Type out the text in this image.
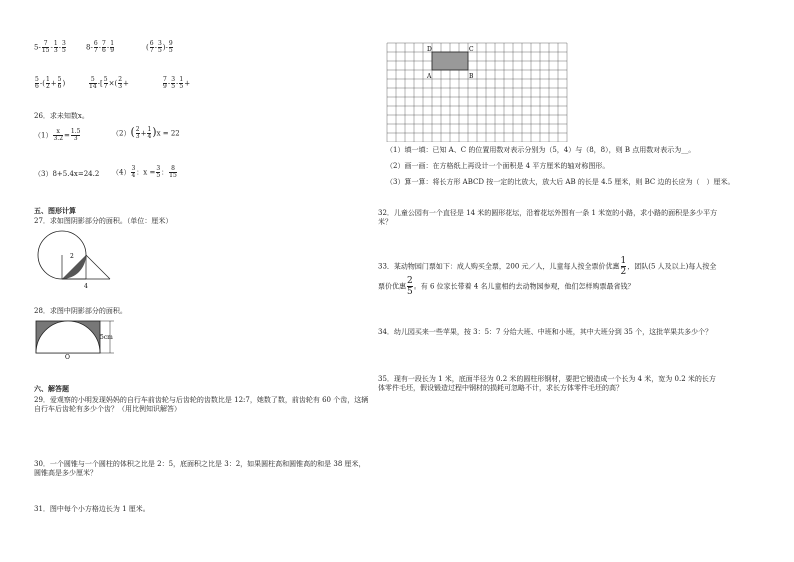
$5- \frac{7}{15} - \frac{1}{3} - \frac{3}{5}$	$8- \frac{6}{7} - \frac{7}{6} - \frac{1}{9}$	( $\frac{6}{7} - \frac{3}{5}$ )- $\frac{9}{5}$
$\frac{5}{6}$ -( $\frac{1}{2} + \frac{5}{6}$ )	$\frac{5}{14}$ -[ $\frac{5}{7}$ ×( $\frac{2}{3}$ +	$\frac{7}{9} - \frac{3}{5} - \frac{1}{5}$ +
26．求未知数x。
$(1) \frac{x}{3.2} = \frac{1.5}{3}$	$(2)( \frac{2}{3} + \frac{1}{4} )x = 22$
（3）8+5.4x=24.2 $(4) \frac{3}{4}$ ：$x = \frac{3}{5}$ ： $\frac{8}{15}$
五、图形计算
27．求如图阴影部分的面积。（单位：厘米）
2
4
28．求图中阴影部分的面积。
5cm
O
六、解答题
29．爱观察的小明发现妈妈的自行车前齿轮与后齿轮的齿数比是 12:7，她数了数，前齿轮有 60 个齿，这辆自行车后齿轮有多少个齿？（用比例知识解答）
30．一个圆锥与一个圆柱的体积之比是 2：5，底面积之比是 3：2，如果圆柱高和圆锥高的和是 38 厘米，圆锥高是多少厘米？
31．图中每个小方格边长为 1 厘米。
D	C
A	B
（1）填一填：已知 A、C 的位置用数对表示分别为（5，4）与（8，8），则 B 点用数对表示为__。
（2）画一画：在方格纸上再设计一个面积是 4 平方厘米的轴对称图形。
（3）算一算：将长方形 ABCD 按一定的比放大，放大后 AB 的长是 4.5 厘米，则 BC 边的长应为（　）厘米。
32．儿童公园有一个直径是 14 米的圆形花坛，沿着花坛外围有一条 1 米宽的小路，求小路的面积是多少平方米？
33．某动物园门票如下：成人购买全票，200 元／人，儿童每人按全票价优惠 $\frac{1}{2}$ ，团队(5 人及以上)每人按全
票价优惠 $\frac{2}{5}$ 。有 6 位家长带着 4 名儿童相约去动物园参观，他们怎样购票最省钱？
34．幼儿园买来一些苹果，按 3：5：7 分给大班、中班和小班，其中大班分到 35 个，这批苹果共多少个？
35．现有一段长为 1 米，底面半径为 0.2 米的圆柱形钢材，要把它锻造成一个长为 4 米，宽为 0.2 米的长方体零件毛坯，假设锻造过程中钢材的损耗可忽略不计，求长方体零件毛坯的高？
